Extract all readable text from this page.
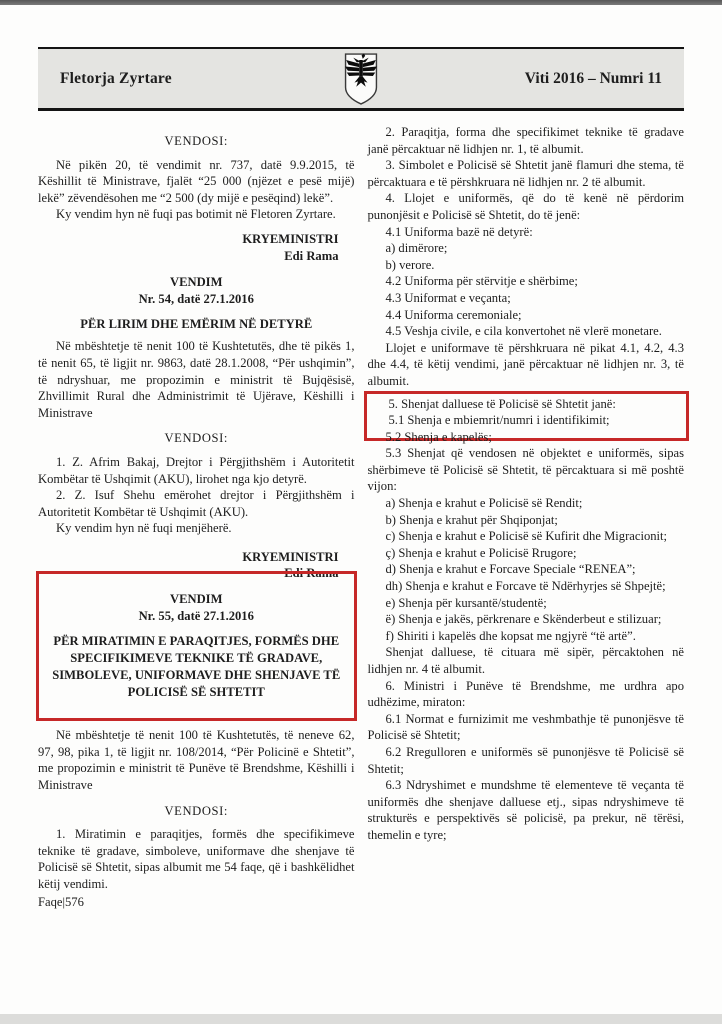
Fletorja Zyrtare	Viti 2016 – Numri 11
VENDOSI:
Në pikën 20, të vendimit nr. 737, datë 9.9.2015, të Këshillit të Ministrave, fjalët “25 000 (njëzet e pesë mijë) lekë” zëvendësohen me “2 500 (dy mijë e pesëqind) lekë”.
Ky vendim hyn në fuqi pas botimit në Fletoren Zyrtare.
KRYEMINISTRI
Edi Rama
VENDIM
Nr. 54, datë 27.1.2016
PËR LIRIM DHE EMËRIM NË DETYRË
Në mbështetje të nenit 100 të Kushtetutës, dhe të pikës 1, të nenit 65, të ligjit nr. 9863, datë 28.1.2008, “Për ushqimin”, të ndryshuar, me propozimin e ministrit të Bujqësisë, Zhvillimit Rural dhe Administrimit të Ujërave, Këshilli i Ministrave
VENDOSI:
1. Z. Afrim Bakaj, Drejtor i Përgjithshëm i Autoritetit Kombëtar të Ushqimit (AKU), lirohet nga kjo detyrë.
2. Z. Isuf Shehu emërohet drejtor i Përgjithshëm i Autoritetit Kombëtar të Ushqimit (AKU).
Ky vendim hyn në fuqi menjëherë.
KRYEMINISTRI
Edi Rama
VENDIM
Nr. 55, datë 27.1.2016
PËR MIRATIMIN E PARAQITJES, FORMËS DHE SPECIFIKIMEVE TEKNIKE TË GRADAVE, SIMBOLEVE, UNIFORMAVE DHE SHENJAVE TË POLICISË SË SHTETIT
Në mbështetje të nenit 100 të Kushtetutës, të neneve 62, 97, 98, pika 1, të ligjit nr. 108/2014, “Për Policinë e Shtetit”, me propozimin e ministrit të Punëve të Brendshme, Këshilli i Ministrave
VENDOSI:
1. Miratimin e paraqitjes, formës dhe specifikimeve teknike të gradave, simboleve, uniformave dhe shenjave të Policisë së Shtetit, sipas albumit me 54 faqe, që i bashkëlidhet këtij vendimi.
Faqe|576
2. Paraqitja, forma dhe specifikimet teknike të gradave janë përcaktuar në lidhjen nr. 1, të albumit.
3. Simbolet e Policisë së Shtetit janë flamuri dhe stema, të përcaktuara e të përshkruara në lidhjen nr. 2 të albumit.
4. Llojet e uniformës, që do të kenë në përdorim punonjësit e Policisë së Shtetit, do të jenë:
4.1 Uniforma bazë në detyrë:
a) dimërore;
b) verore.
4.2 Uniforma për stërvitje e shërbime;
4.3 Uniformat e veçanta;
4.4 Uniforma ceremoniale;
4.5 Veshja civile, e cila konvertohet në vlerë monetare.
Llojet e uniformave të përshkruara në pikat 4.1, 4.2, 4.3 dhe 4.4, të këtij vendimi, janë përcaktuar në lidhjen nr. 3, të albumit.
5. Shenjat dalluese të Policisë së Shtetit janë:
5.1 Shenja e mbiemrit/numri i identifikimit;
5.2 Shenja e kapelës;
5.3 Shenjat që vendosen në objektet e uniformës, sipas shërbimeve të Policisë së Shtetit, të përcaktuara si më poshtë vijon:
a) Shenja e krahut e Policisë së Rendit;
b) Shenja e krahut për Shqiponjat;
c) Shenja e krahut e Policisë së Kufirit dhe Migracionit;
ç) Shenja e krahut e Policisë Rrugore;
d) Shenja e krahut e Forcave Speciale “RENEA”;
dh) Shenja e krahut e Forcave të Ndërhyrjes së Shpejtë;
e) Shenja për kursantë/studentë;
ë) Shenja e jakës, përkrenare e Skënderbeut e stilizuar;
f) Shiriti i kapelës dhe kopsat me ngjyrë “të artë”.
Shenjat dalluese, të cituara më sipër, përcaktohen në lidhjen nr. 4 të albumit.
6. Ministri i Punëve të Brendshme, me urdhra apo udhëzime, miraton:
6.1 Normat e furnizimit me veshmbathje të punonjësve të Policisë së Shtetit;
6.2 Rregulloren e uniformës së punonjësve të Policisë së Shtetit;
6.3 Ndryshimet e mundshme të elementeve të veçanta të uniformës dhe shenjave dalluese etj., sipas ndryshimeve të strukturës e perspektivës së policisë, pa prekur, në tërësi, themelin e tyre;
